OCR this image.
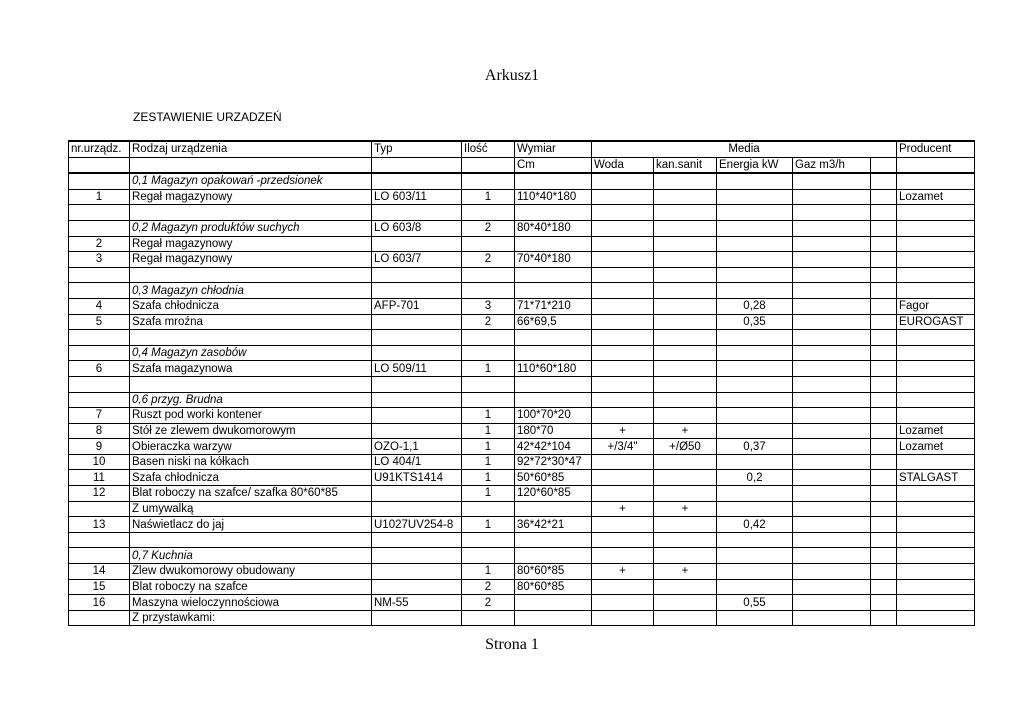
Arkusz1
ZESTAWIENIE URZADZEŃ
nr.urządz.	Rodzaj urządzenia	Typ	Ilość	Wymiar	Media					Producent
				Cm	Woda	kan.sanit	Energia kW	Gaz m3/h		
	0,1 Magazyn opakowań -przedsionek									
1	Regał magazynowy	LO 603/11	1	110*40*180						Lozamet

	0,2 Magazyn produktów suchych	LO 603/8	2	80*40*180						
2	Regał magazynowy									
3	Regał magazynowy	LO 603/7	2	70*40*180						

	0,3 Magazyn chłodnia									
4	Szafa chłodnicza	AFP-701	3	71*71*210			0,28			Fagor
5	Szafa mroźna		2	66*69,5			0,35			EUROGAST

	0,4 Magazyn zasobów									
6	Szafa magazynowa	LO 509/11	1	110*60*180						

	0,6 przyg. Brudna									
7	Ruszt pod worki kontener		1	100*70*20						
8	Stół ze zlewem dwukomorowym		1	180*70	+	+				Lozamet
9	Obieraczka warzyw	OZO-1,1	1	42*42*104	+/3/4"	+/Ø50	0,37			Lozamet
10	Basen niski na kółkach	LO 404/1	1	92*72*30*47						
11	Szafa chłodnicza	U91KTS1414	1	50*60*85			0,2			STALGAST
12	Blat roboczy na szafce/ szafka 80*60*85		1	120*60*85						
	Z umywalką				+	+				
13	Naświetlacz do jaj	U1027UV254-8	1	36*42*21			0,42			

	0,7 Kuchnia									
14	Zlew dwukomorowy obudowany		1	80*60*85	+	+				
15	Blat roboczy na szafce		2	80*60*85						
16	Maszyna wieloczynnościowa	NM-55	2				0,55			
	Z przystawkami:									
Strona 1
